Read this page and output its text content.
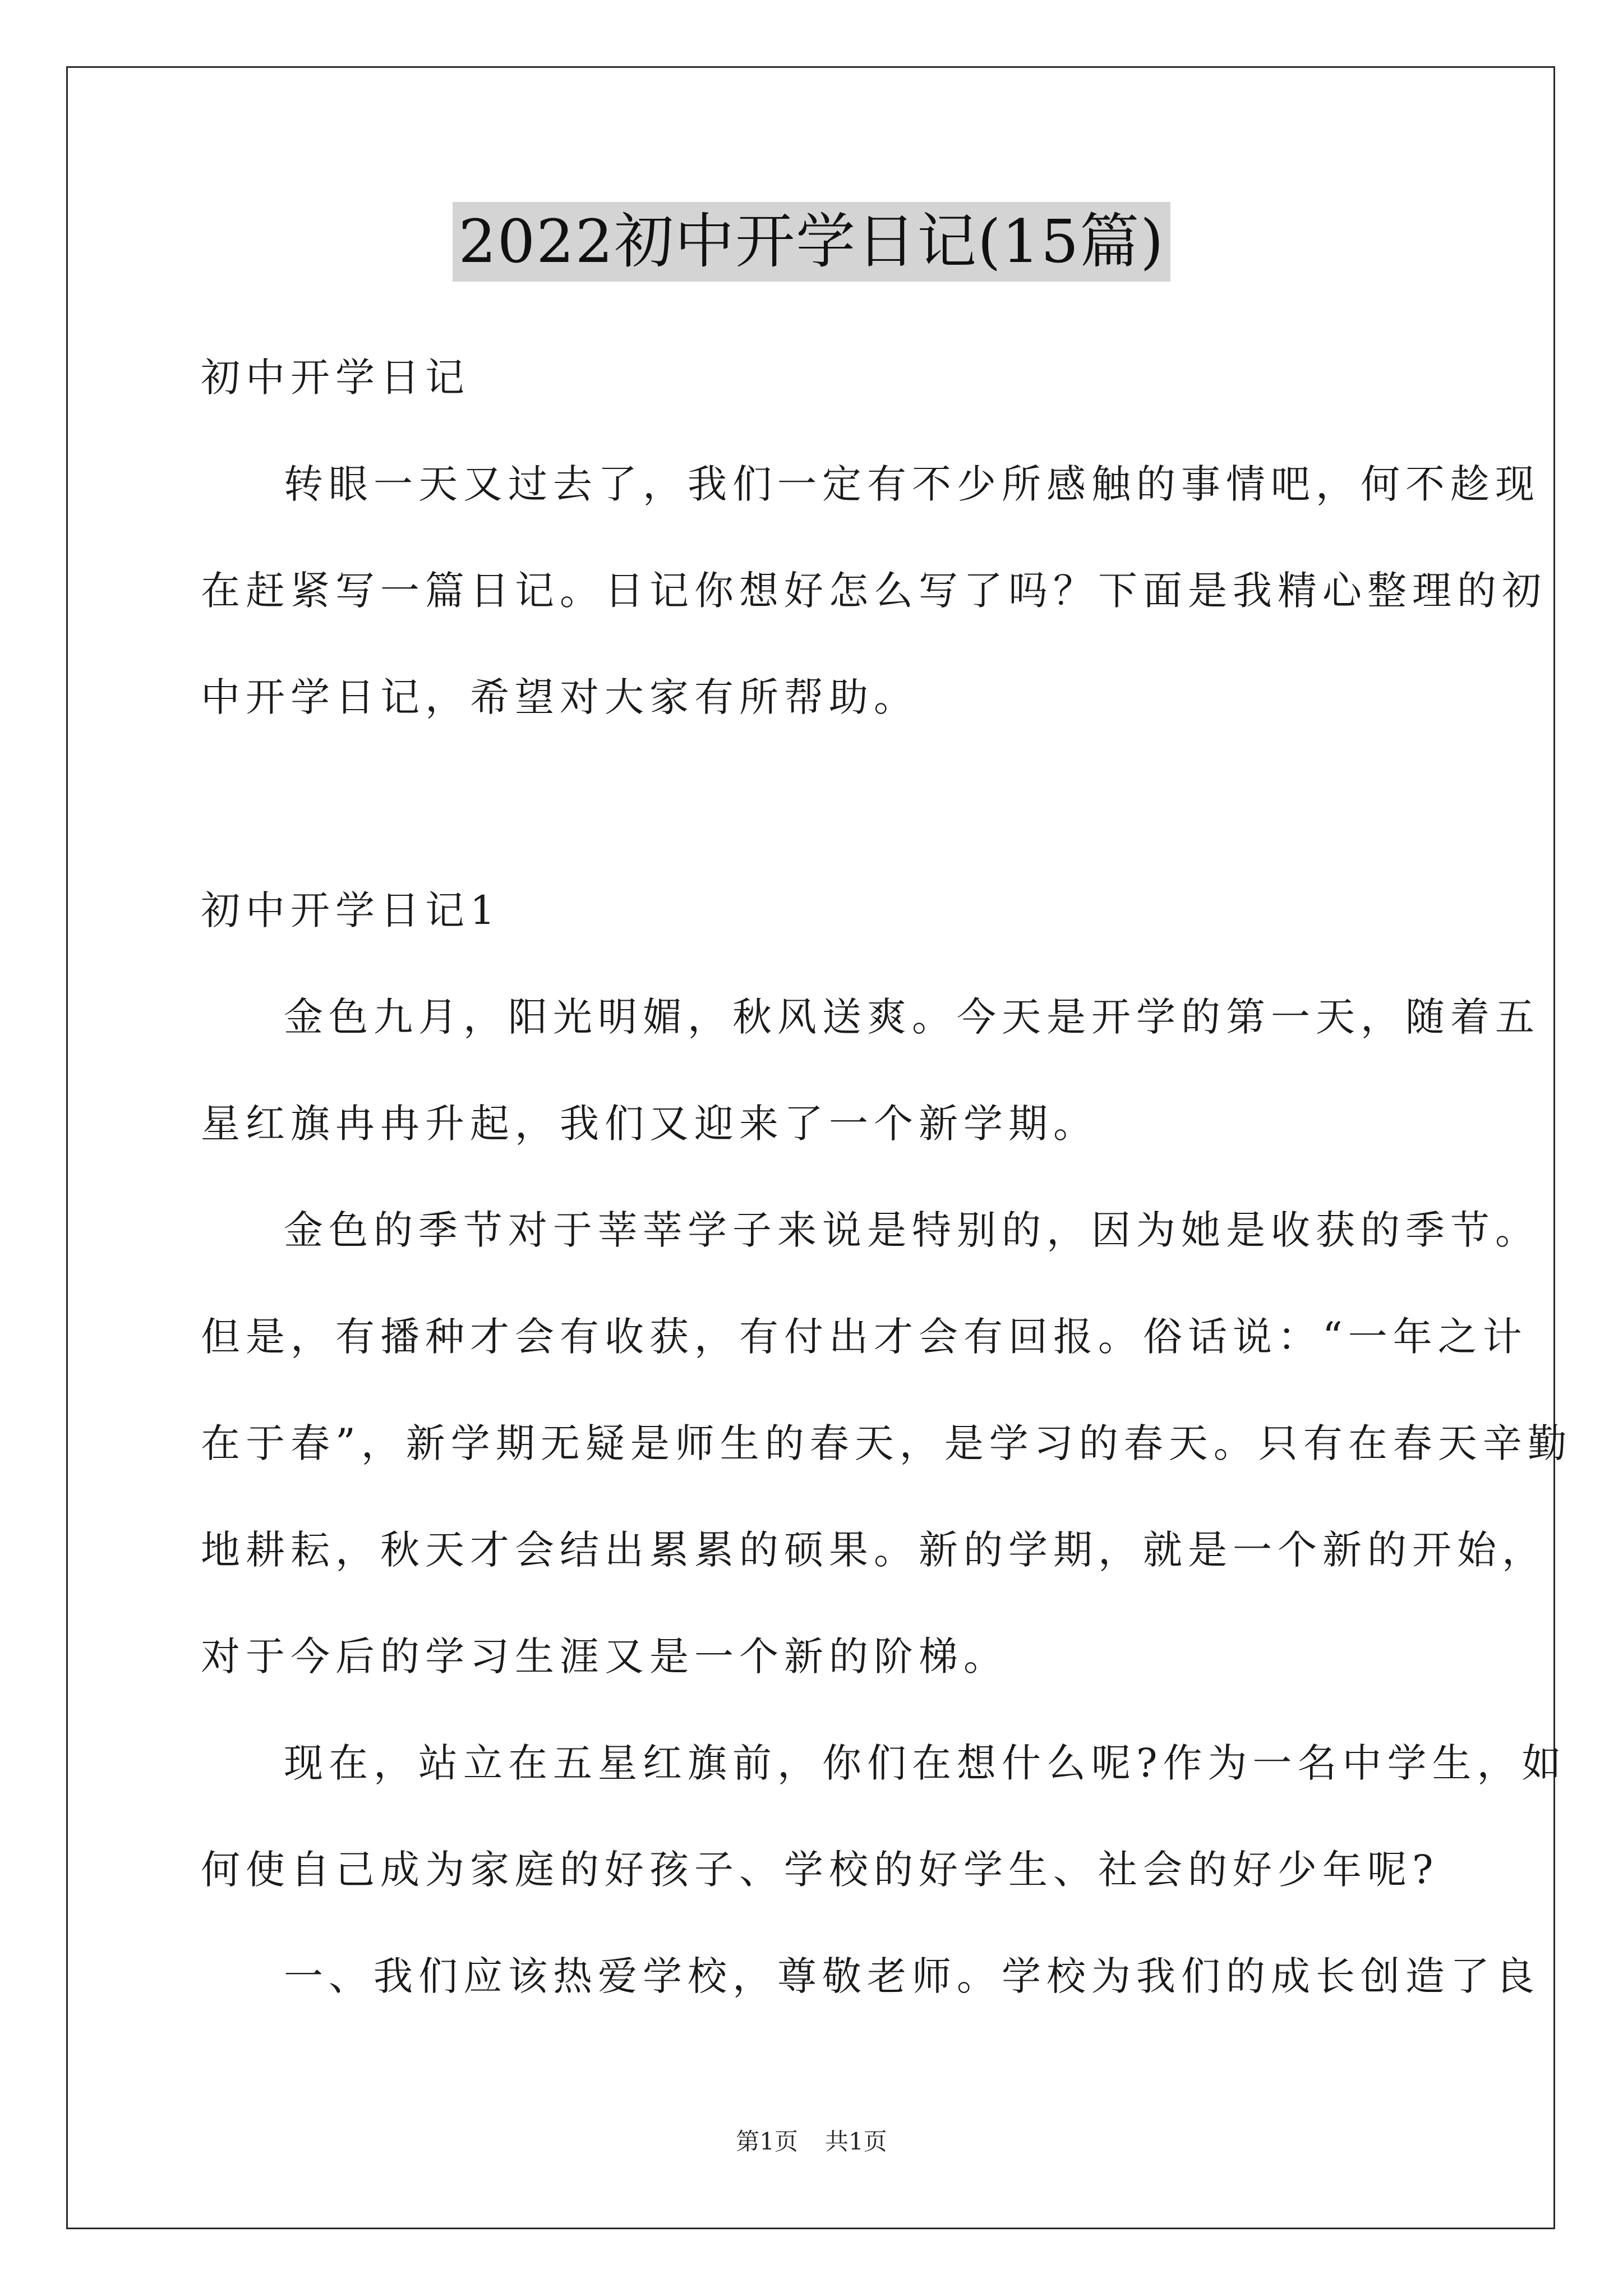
2022初中开学日记(15篇)
初中开学日记
转眼一天又过去了，我们一定有不少所感触的事情吧，何不趁现
在赶紧写一篇日记。日记你想好怎么写了吗？下面是我精心整理的初
中开学日记，希望对大家有所帮助。
初中开学日记1
金色九月，阳光明媚，秋风送爽。今天是开学的第一天，随着五
星红旗冉冉升起，我们又迎来了一个新学期。
金色的季节对于莘莘学子来说是特别的，因为她是收获的季节。
但是，有播种才会有收获，有付出才会有回报。俗话说：“一年之计
在于春”，新学期无疑是师生的春天，是学习的春天。只有在春天辛勤
地耕耘，秋天才会结出累累的硕果。新的学期，就是一个新的开始，
对于今后的学习生涯又是一个新的阶梯。
现在，站立在五星红旗前，你们在想什么呢?作为一名中学生，如
何使自己成为家庭的好孩子、学校的好学生、社会的好少年呢?
一、我们应该热爱学校，尊敬老师。学校为我们的成长创造了良
第1页 共1页
